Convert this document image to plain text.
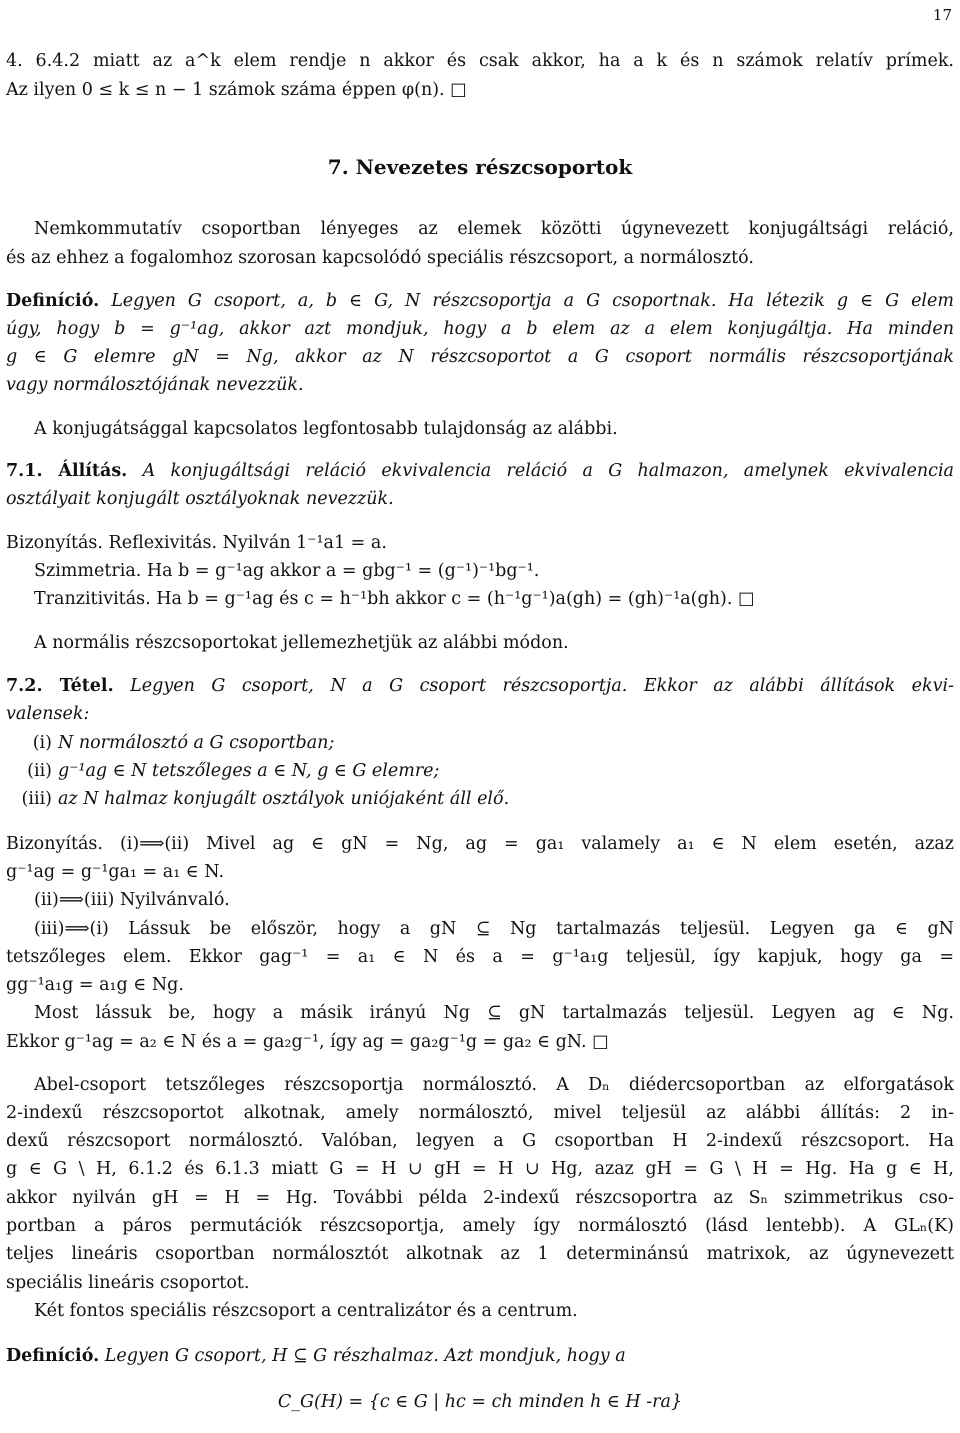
17
4. 6.4.2 miatt az a^k elem rendje n akkor és csak akkor, ha a k és n számok relatív prímek.
Az ilyen 0 ≤ k ≤ n − 1 számok száma éppen φ(n). □
7. Nevezetes részcsoportok
Nemkommutatív csoportban lényeges az elemek közötti úgynevezett konjugáltsági reláció,
és az ehhez a fogalomhoz szorosan kapcsolódó speciális részcsoport, a normálosztó.
Definíció. Legyen G csoport, a, b ∈ G, N részcsoportja a G csoportnak. Ha létezik g ∈ G elem
úgy, hogy b = g⁻¹ag, akkor azt mondjuk, hogy a b elem az a elem konjugáltja. Ha minden
g ∈ G elemre gN = Ng, akkor az N részcsoportot a G csoport normális részcsoportjának
vagy normálosztójának nevezzük.
A konjugátsággal kapcsolatos legfontosabb tulajdonság az alábbi.
7.1. Állítás. A konjugáltsági reláció ekvivalencia reláció a G halmazon, amelynek ekvivalencia
osztályait konjugált osztályoknak nevezzük.
Bizonyítás. Reflexivitás. Nyilván 1⁻¹a1 = a.
Szimmetria. Ha b = g⁻¹ag akkor a = gbg⁻¹ = (g⁻¹)⁻¹bg⁻¹.
Tranzitivitás. Ha b = g⁻¹ag és c = h⁻¹bh akkor c = (h⁻¹g⁻¹)a(gh) = (gh)⁻¹a(gh). □
A normális részcsoportokat jellemezhetjük az alábbi módon.
7.2. Tétel. Legyen G csoport, N a G csoport részcsoportja. Ekkor az alábbi állítások ekvi-
valensek:
(i) N normálosztó a G csoportban;
(ii) g⁻¹ag ∈ N tetszőleges a ∈ N, g ∈ G elemre;
(iii) az N halmaz konjugált osztályok uniójaként áll elő.
Bizonyítás. (i)⟹(ii) Mivel ag ∈ gN = Ng, ag = ga₁ valamely a₁ ∈ N elem esetén, azaz
g⁻¹ag = g⁻¹ga₁ = a₁ ∈ N.
(ii)⟹(iii) Nyilvánvaló.
(iii)⟹(i) Lássuk be először, hogy a gN ⊆ Ng tartalmazás teljesül. Legyen ga ∈ gN
tetszőleges elem. Ekkor gag⁻¹ = a₁ ∈ N és a = g⁻¹a₁g teljesül, így kapjuk, hogy ga =
gg⁻¹a₁g = a₁g ∈ Ng.
Most lássuk be, hogy a másik irányú Ng ⊆ gN tartalmazás teljesül. Legyen ag ∈ Ng.
Ekkor g⁻¹ag = a₂ ∈ N és a = ga₂g⁻¹, így ag = ga₂g⁻¹g = ga₂ ∈ gN. □
Abel-csoport tetszőleges részcsoportja normálosztó. A Dₙ diédercsoportban az elforgatások
2-indexű részcsoportot alkotnak, amely normálosztó, mivel teljesül az alábbi állítás: 2 in-
dexű részcsoport normálosztó. Valóban, legyen a G csoportban H 2-indexű részcsoport. Ha
g ∈ G \ H, 6.1.2 és 6.1.3 miatt G = H ∪ gH = H ∪ Hg, azaz gH = G \ H = Hg. Ha g ∈ H,
akkor nyilván gH = H = Hg. További példa 2-indexű részcsoportra az Sₙ szimmetrikus cso-
portban a páros permutációk részcsoportja, amely így normálosztó (lásd lentebb). A GLₙ(K)
teljes lineáris csoportban normálosztót alkotnak az 1 determinánsú matrixok, az úgynevezett
speciális lineáris csoportot.
Két fontos speciális részcsoport a centralizátor és a centrum.
Definíció. Legyen G csoport, H ⊆ G részhalmaz. Azt mondjuk, hogy a
C_G(H) = {c ∈ G | hc = ch minden h ∈ H -ra}
